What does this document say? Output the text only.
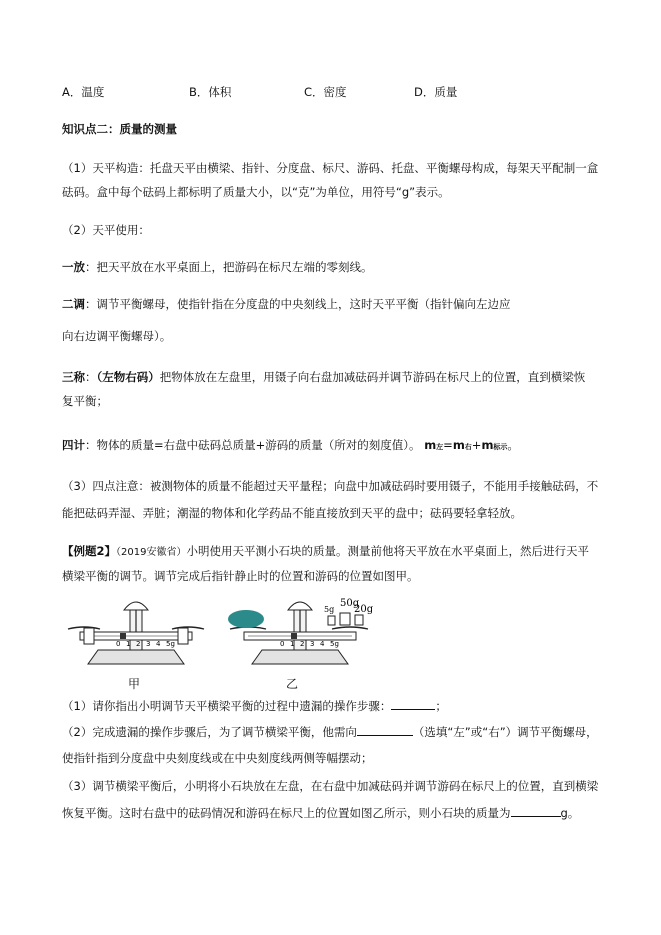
A．温度	B．体积	C．密度	D．质量
知识点二：质量的测量
（1）天平构造：托盘天平由横梁、指针、分度盘、标尺、游码、托盘、平衡螺母构成，每架天平配制一盒
砝码。盒中每个砝码上都标明了质量大小，以“克”为单位，用符号“g”表示。
（2）天平使用：
一放：把天平放在水平桌面上，把游码在标尺左端的零刻线。
二调：调节平衡螺母，使指针指在分度盘的中央刻线上，这时天平平衡（指针偏向左边应
向右边调平衡螺母）。
三称：（左物右码）把物体放在左盘里，用镊子向右盘加减砝码并调节游码在标尺上的位置，直到横梁恢
复平衡；
四计：物体的质量=右盘中砝码总质量+游码的质量（所对的刻度值）。 m左=m右+m标示。
（3）四点注意：被测物体的质量不能超过天平量程；向盘中加减砝码时要用镊子，不能用手接触砝码，不
能把砝码弄湿、弄脏；潮湿的物体和化学药品不能直接放到天平的盘中；砝码要轻拿轻放。
【例题2】（2019安徽省）小明使用天平测小石块的质量。测量前他将天平放在水平桌面上，然后进行天平
横梁平衡的调节。调节完成后指针静止时的位置和游码的位置如图甲。
0 1 2 3 4 5g
50g
5g 20g
0 1 2 3 4 5g
甲	乙
（1）请你指出小明调节天平横梁平衡的过程中遗漏的操作步骤：	；
（2）完成遗漏的操作步骤后，为了调节横梁平衡，他需向	（选填“左”或“右”）调节平衡螺母，
使指针指到分度盘中央刻度线或在中央刻度线两侧等幅摆动；
（3）调节横梁平衡后，小明将小石块放在左盘，在右盘中加减砝码并调节游码在标尺上的位置，直到横梁
恢复平衡。这时右盘中的砝码情况和游码在标尺上的位置如图乙所示，则小石块的质量为	g。
